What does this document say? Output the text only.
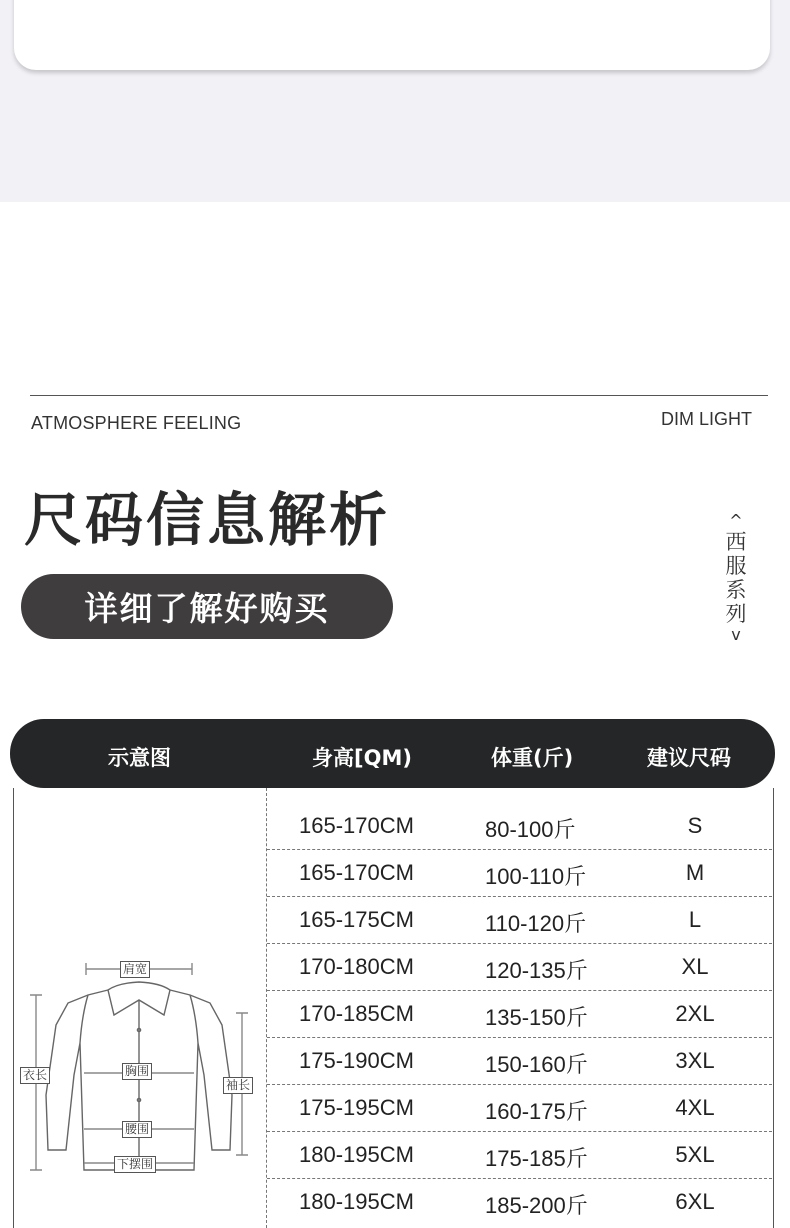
ATMOSPHERE FEELING	DIM LIGHT
尺码信息解析
详细了解好购买
^
西
服
系
列
v
示意图	身高[QM)	体重(斤)	建议尺码
165-170CM	80-100斤	S
165-170CM	100-110斤	M
165-175CM	110-120斤	L
170-180CM	120-135斤	XL
170-185CM	135-150斤	2XL
175-190CM	150-160斤	3XL
175-195CM	160-175斤	4XL
180-195CM	175-185斤	5XL
180-195CM	185-200斤	6XL
肩宽
衣长	胸围
袖长
腰围
下摆围
